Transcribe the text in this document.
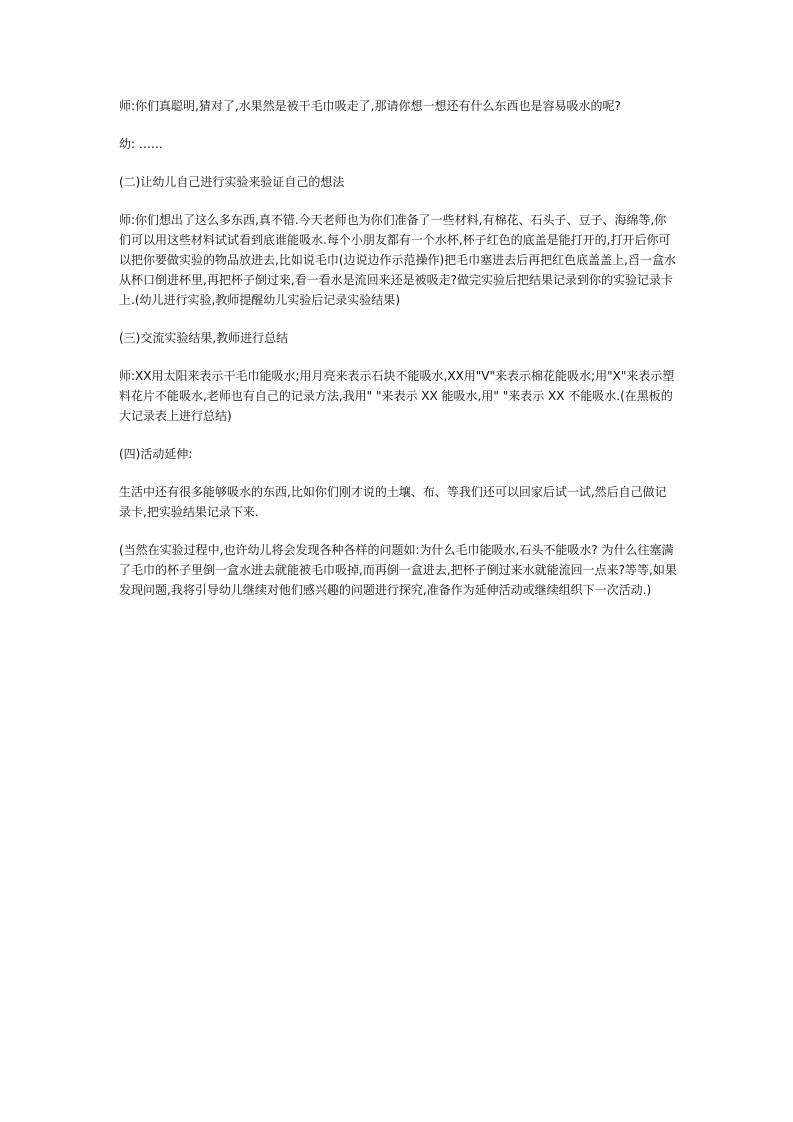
师:你们真聪明,猜对了,水果然是被干毛巾吸走了,那请你想一想还有什么东西也是容易吸水的呢?

幼: ……

(二)让幼儿自己进行实验来验证自己的想法

师:你们想出了这么多东西,真不错.今天老师也为你们准备了一些材料,有棉花、石头子、豆子、海绵等,你们可以用这些材料试试看到底谁能吸水.每个小朋友都有一个水杯,杯子红色的底盖是能打开的,打开后你可以把你要做实验的物品放进去,比如说毛巾(边说边作示范操作)把毛巾塞进去后再把红色底盖盖上,舀一盒水从杯口倒进杯里,再把杯子倒过来,看一看水是流回来还是被吸走?做完实验后把结果记录到你的实验记录卡上.(幼儿进行实验,教师提醒幼儿实验后记录实验结果)

(三)交流实验结果,教师进行总结

师:XX用太阳来表示干毛巾能吸水;用月亮来表示石块不能吸水,XX用"V"来表示棉花能吸水;用"X"来表示塑料花片不能吸水,老师也有自己的记录方法,我用" "来表示 XX 能吸水,用" "来表示 XX 不能吸水.(在黑板的大记录表上进行总结)

(四)活动延伸:

生活中还有很多能够吸水的东西,比如你们刚才说的土壤、布、等我们还可以回家后试一试,然后自己做记录卡,把实验结果记录下来.

(当然在实验过程中,也许幼儿将会发现各种各样的问题如:为什么毛巾能吸水,石头不能吸水? 为什么往塞满了毛巾的杯子里倒一盒水进去就能被毛巾吸掉,而再倒一盒进去,把杯子倒过来水就能流回一点来?等等,如果发现问题,我将引导幼儿继续对他们感兴趣的问题进行探究,准备作为延伸活动或继续组织下一次活动.)
